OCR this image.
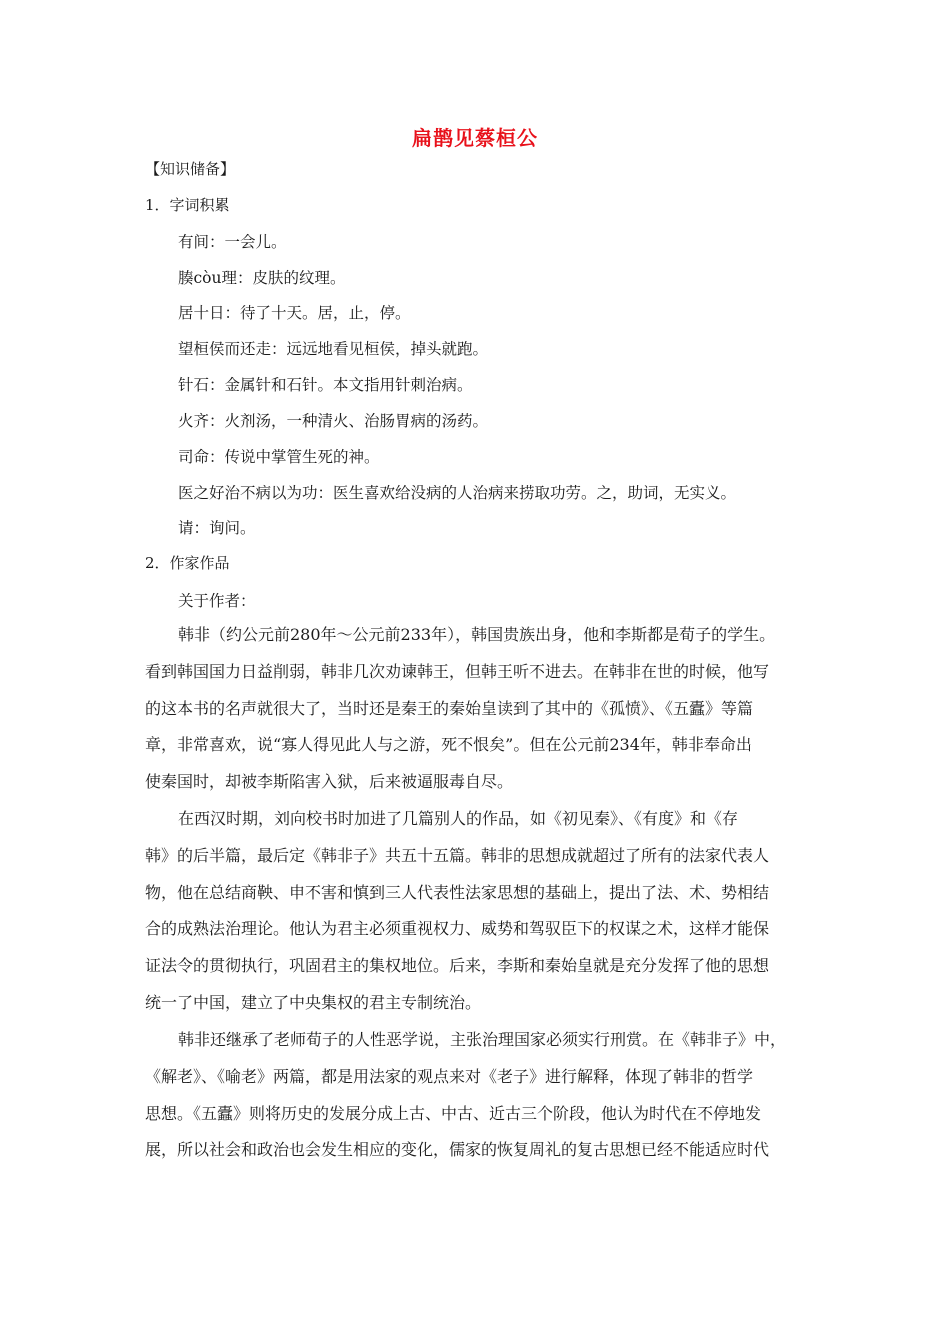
扁鹊见蔡桓公
【知识储备】
1．字词积累
有间：一会儿。
腠còu理：皮肤的纹理。
居十日：待了十天。居，止，停。
望桓侯而还走：远远地看见桓侯，掉头就跑。
针石：金属针和石针。本文指用针刺治病。
火齐：火剂汤，一种清火、治肠胃病的汤药。
司命：传说中掌管生死的神。
医之好治不病以为功：医生喜欢给没病的人治病来捞取功劳。之，助词，无实义。
请：询问。
2．作家作品
关于作者：
韩非（约公元前280年～公元前233年），韩国贵族出身，他和李斯都是荀子的学生。
看到韩国国力日益削弱，韩非几次劝谏韩王，但韩王听不进去。在韩非在世的时候，他写
的这本书的名声就很大了，当时还是秦王的秦始皇读到了其中的《孤愤》、《五蠹》等篇
章，非常喜欢，说“寡人得见此人与之游，死不恨矣”。但在公元前234年，韩非奉命出
使秦国时，却被李斯陷害入狱，后来被逼服毒自尽。
在西汉时期，刘向校书时加进了几篇别人的作品，如《初见秦》、《有度》和《存
韩》的后半篇，最后定《韩非子》共五十五篇。韩非的思想成就超过了所有的法家代表人
物，他在总结商鞅、申不害和慎到三人代表性法家思想的基础上，提出了法、术、势相结
合的成熟法治理论。他认为君主必须重视权力、威势和驾驭臣下的权谋之术，这样才能保
证法令的贯彻执行，巩固君主的集权地位。后来，李斯和秦始皇就是充分发挥了他的思想
统一了中国，建立了中央集权的君主专制统治。
韩非还继承了老师荀子的人性恶学说，主张治理国家必须实行刑赏。在《韩非子》中，
《解老》、《喻老》两篇，都是用法家的观点来对《老子》进行解释，体现了韩非的哲学
思想。《五蠹》则将历史的发展分成上古、中古、近古三个阶段，他认为时代在不停地发
展，所以社会和政治也会发生相应的变化，儒家的恢复周礼的复古思想已经不能适应时代
